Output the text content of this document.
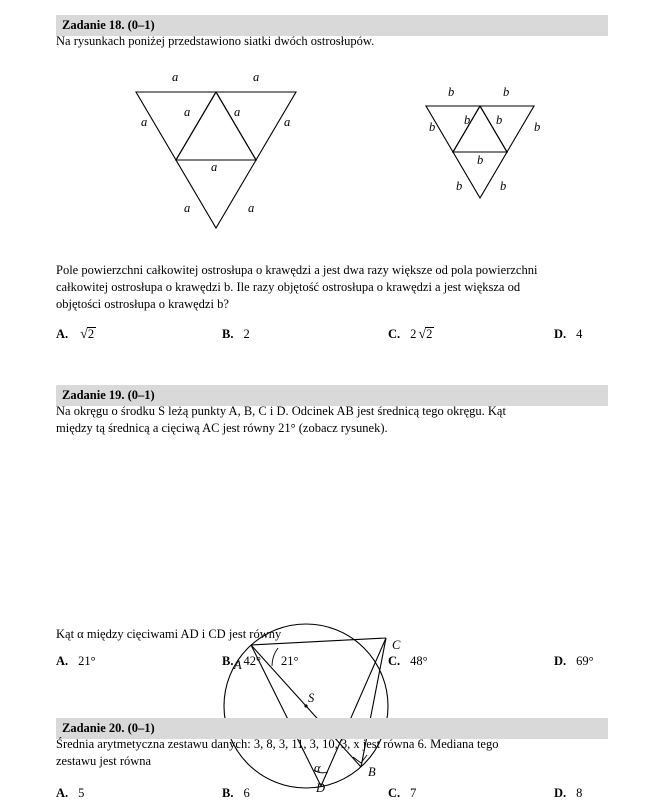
Zadanie 18. (0–1)

Na rysunkach poniżej przedstawiono siatki dwóch ostrosłupów.

a	a
a
a	a
a
a
a	a
b	b
b b b	b
b
b	b

Pole powierzchni całkowitej ostrosłupa o krawędzi a jest dwa razy większe od pola powierzchni

całkowitej ostrosłupa o krawędzi b. Ile razy objętość ostrosłupa o krawędzi a jest większa od

objętości ostrosłupa o krawędzi b?

A. √2	B. 2	C. 2 √2	D. 4
Zadanie 19. (0–1)

Na okręgu o środku S leżą punkty A, B, C i D. Odcinek AB jest średnicą tego okręgu. Kąt

między tą średnicą a cięciwą AC jest równy 21° (zobacz rysunek).

A
C
B
D
S
21°
α

Kąt α między cięciwami AD i CD jest równy

A. 21°	B. 42°	C. 48°	D. 69°
Zadanie 20. (0–1)

Średnia arytmetyczna zestawu danych: 3, 8, 3, 11, 3, 10, 3, x jest równa 6. Mediana tego

zestawu jest równa

A. 5	B. 6	C. 7	D. 8
